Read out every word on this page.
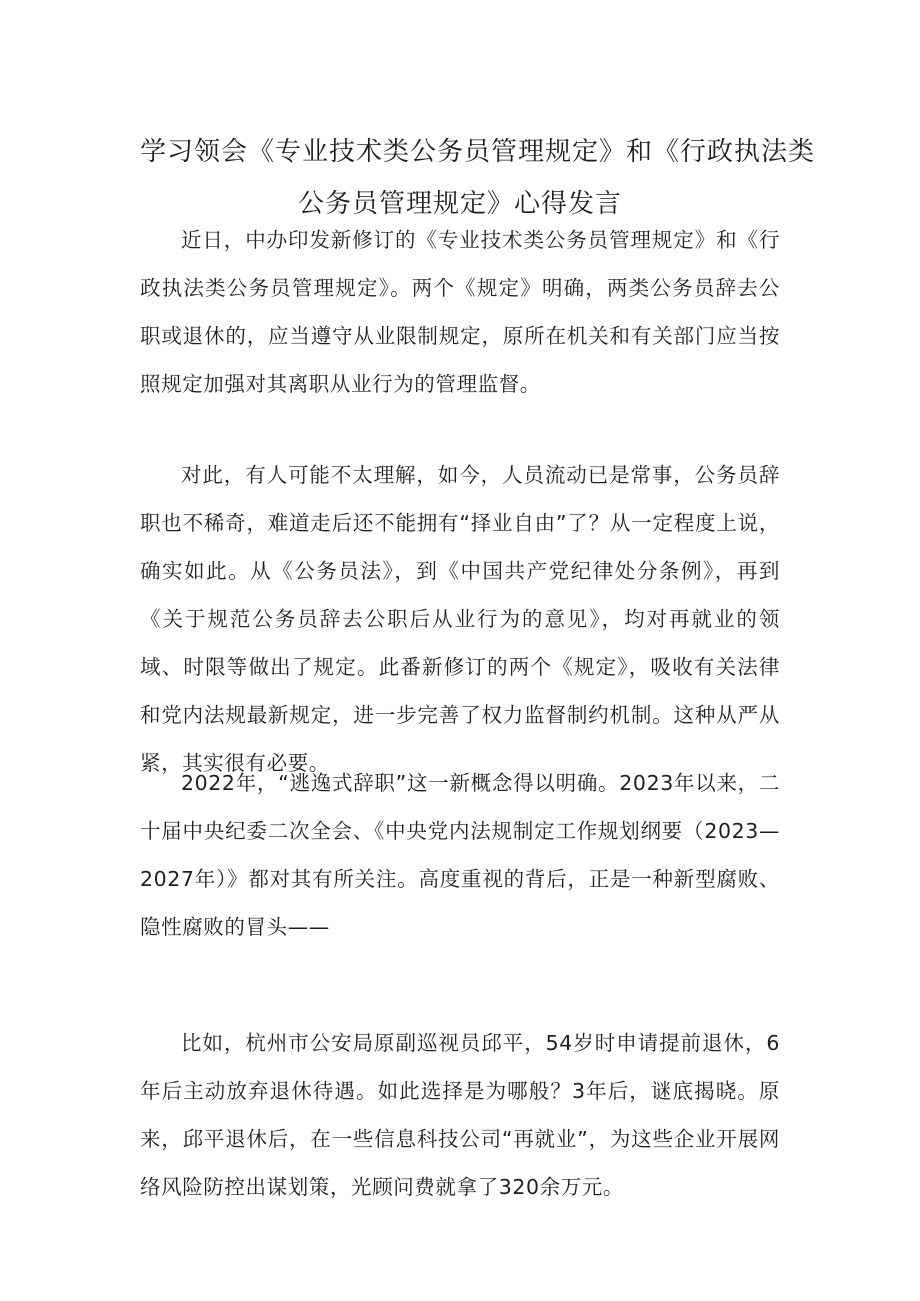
学习领会《专业技术类公务员管理规定》和《行政执法类
公务员管理规定》心得发言

近日，中办印发新修订的《专业技术类公务员管理规定》和《行政执法类公务员管理规定》。两个《规定》明确，两类公务员辞去公职或退休的，应当遵守从业限制规定，原所在机关和有关部门应当按照规定加强对其离职从业行为的管理监督。

对此，有人可能不太理解，如今，人员流动已是常事，公务员辞职也不稀奇，难道走后还不能拥有“择业自由”了？从一定程度上说，确实如此。从《公务员法》，到《中国共产党纪律处分条例》，再到《关于规范公务员辞去公职后从业行为的意见》，均对再就业的领域、时限等做出了规定。此番新修订的两个《规定》，吸收有关法律和党内法规最新规定，进一步完善了权力监督制约机制。这种从严从紧，其实很有必要。

2022年，“逃逸式辞职”这一新概念得以明确。2023年以来，二十届中央纪委二次全会、《中央党内法规制定工作规划纲要（2023—2027年）》都对其有所关注。高度重视的背后，正是一种新型腐败、隐性腐败的冒头——

比如，杭州市公安局原副巡视员邱平，54岁时申请提前退休，6年后主动放弃退休待遇。如此选择是为哪般？3年后，谜底揭晓。原来，邱平退休后，在一些信息科技公司“再就业”，为这些企业开展网络风险防控出谋划策，光顾问费就拿了320余万元。
